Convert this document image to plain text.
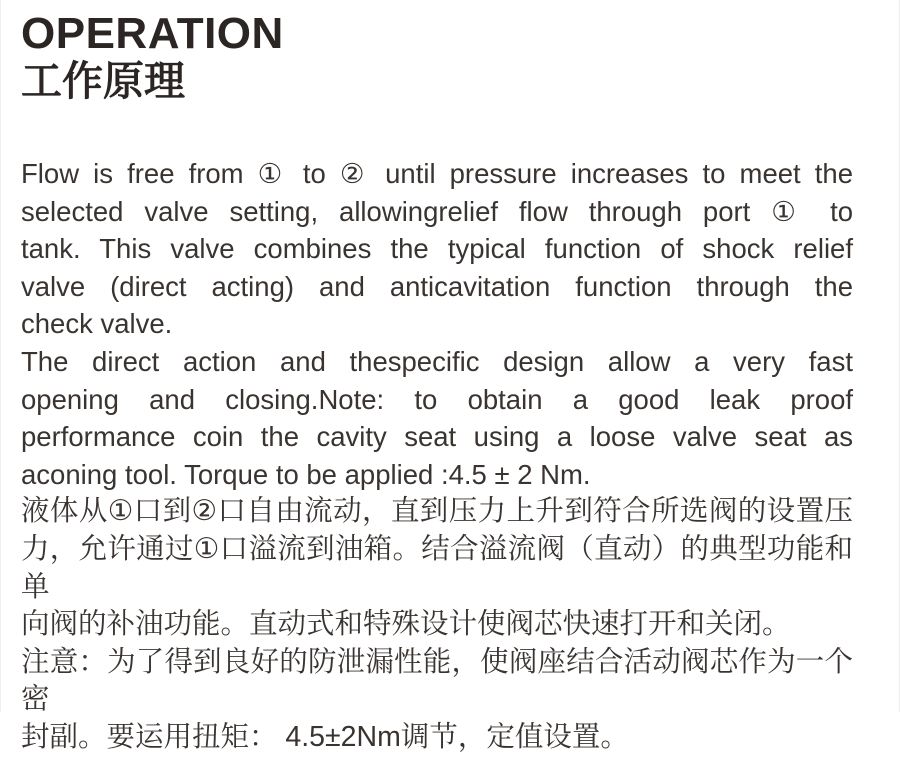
OPERATION
工作原理
Flow is free from ① to ② until pressure increases to meet the
selected valve setting, allowingrelief flow through port ① to
tank. This valve combines the typical function of shock relief
valve (direct acting) and anticavitation function through the
check valve.
The direct action and thespecific design allow a very fast
opening and closing.Note: to obtain a good leak proof
performance coin the cavity seat using a loose valve seat as
aconing tool. Torque to be applied :4.5 ± 2 Nm.
液体从①口到②口自由流动，直到压力上升到符合所选阀的设置压
力，允许通过①口溢流到油箱。结合溢流阀（直动）的典型功能和单
向阀的补油功能。直动式和特殊设计使阀芯快速打开和关闭。
注意：为了得到良好的防泄漏性能，使阀座结合活动阀芯作为一个密
封副。要运用扭矩： 4.5±2Nm调节，定值设置。
